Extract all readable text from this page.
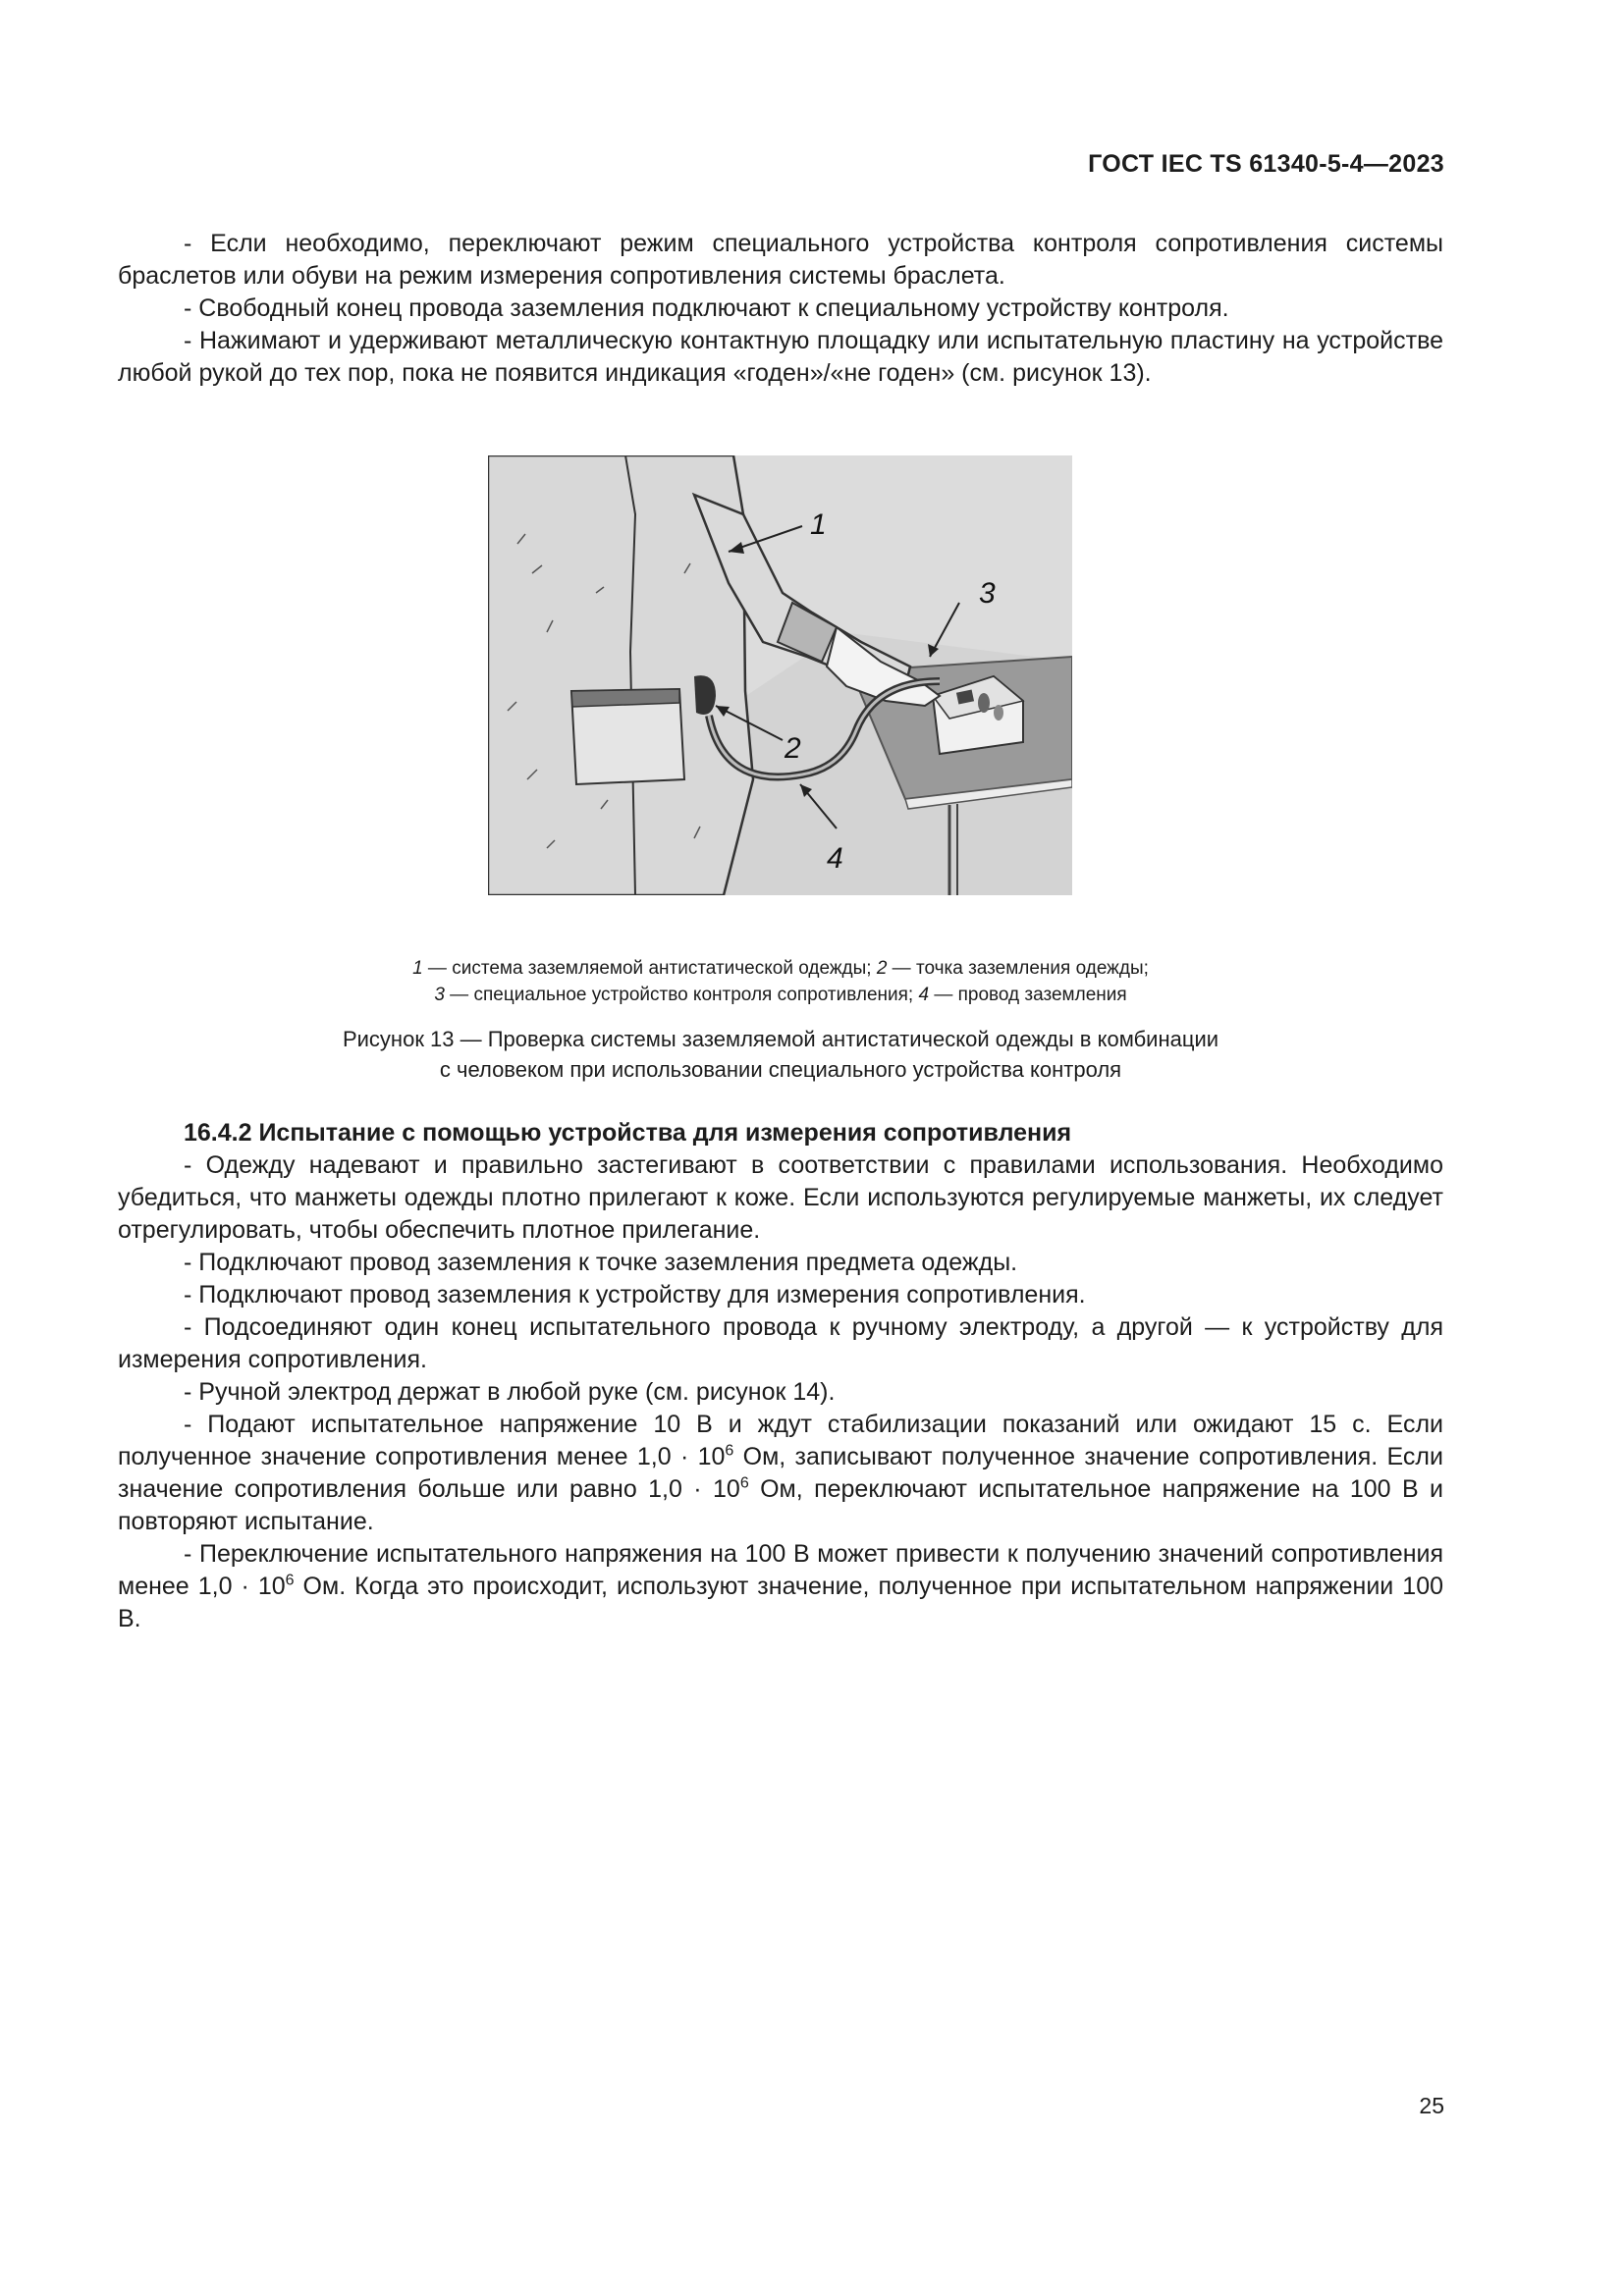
ГОСТ IEC TS 61340-5-4—2023

- Если необходимо, переключают режим специального устройства контроля сопротивления системы браслетов или обуви на режим измерения сопротивления системы браслета.

- Свободный конец провода заземления подключают к специальному устройству контроля.

- Нажимают и удерживают металлическую контактную площадку или испытательную пластину на устройстве любой рукой до тех пор, пока не появится индикация «годен»/«не годен» (см. рисунок 13).

1
3
2
4
1 — система заземляемой антистатической одежды; 2 — точка заземления одежды;
3 — специальное устройство контроля сопротивления; 4 — провод заземления
Рисунок 13 — Проверка системы заземляемой антистатической одежды в комбинации
с человеком при использовании специального устройства контроля

16.4.2 Испытание с помощью устройства для измерения сопротивления

- Одежду надевают и правильно застегивают в соответствии с правилами использования. Необходимо убедиться, что манжеты одежды плотно прилегают к коже. Если используются регулируемые манжеты, их следует отрегулировать, чтобы обеспечить плотное прилегание.

- Подключают провод заземления к точке заземления предмета одежды.

- Подключают провод заземления к устройству для измерения сопротивления.

- Подсоединяют один конец испытательного провода к ручному электроду, а другой — к устройству для измерения сопротивления.

- Ручной электрод держат в любой руке (см. рисунок 14).

- Подают испытательное напряжение 10 В и ждут стабилизации показаний или ожидают 15 с. Если полученное значение сопротивления менее $1,0 \cdot 10^6$ Ом, записывают полученное значение сопротивления. Если значение сопротивления больше или равно $1,0 \cdot 10^6$ Ом, переключают испытательное напряжение на 100 В и повторяют испытание.

- Переключение испытательного напряжения на 100 В может привести к получению значений сопротивления менее $1,0 \cdot 10^6$ Ом. Когда это происходит, используют значение, полученное при испытательном напряжении 100 В.

25
